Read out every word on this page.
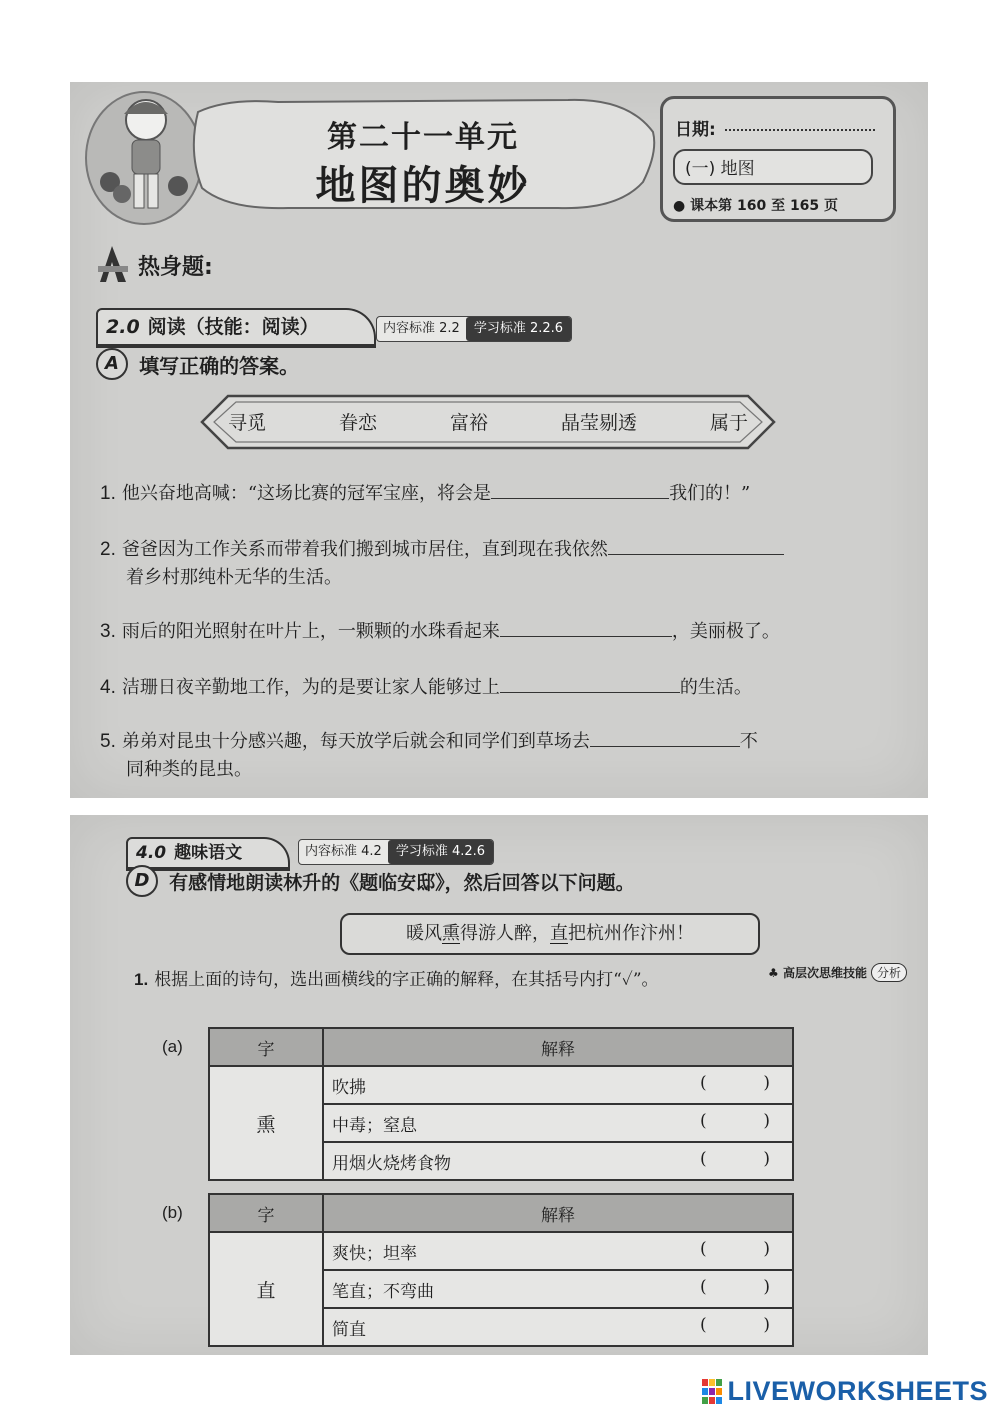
第二十一单元
地图的奥妙
日期:
(一) 地图
● 课本第 160 至 165 页
热身题:
2.0 阅读（技能：阅读）	内容标准 2.2 学习标准 2.2.6
A 填写正确的答案。
寻觅	眷恋	富裕	晶莹剔透	属于
1. 他兴奋地高喊：“这场比赛的冠军宝座，将会是	我们的！”
2. 爸爸因为工作关系而带着我们搬到城市居住，直到现在我依然
着乡村那纯朴无华的生活。
3. 雨后的阳光照射在叶片上，一颗颗的水珠看起来	，美丽极了。
4. 洁珊日夜辛勤地工作，为的是要让家人能够过上	的生活。
5. 弟弟对昆虫十分感兴趣，每天放学后就会和同学们到草场去	不
同种类的昆虫。
4.0 趣味语文	内容标准 4.2 学习标准 4.2.6
D 有感情地朗读林升的《题临安邸》，然后回答以下问题。
暖风熏得游人醉，直把杭州作汴州！
1. 根据上面的诗句，选出画横线的字正确的解释，在其括号内打“✓”。	♣ 高层次思维技能 分析
(a)	字	解释
熏	吹拂 ( )

	中毒；窒息 ( )

	用烟火烧烤食物 ( )
(b)	字	解释
直	爽快；坦率 ( )

	笔直；不弯曲 ( )

	简直 ( )
LIVEWORKSHEETS
